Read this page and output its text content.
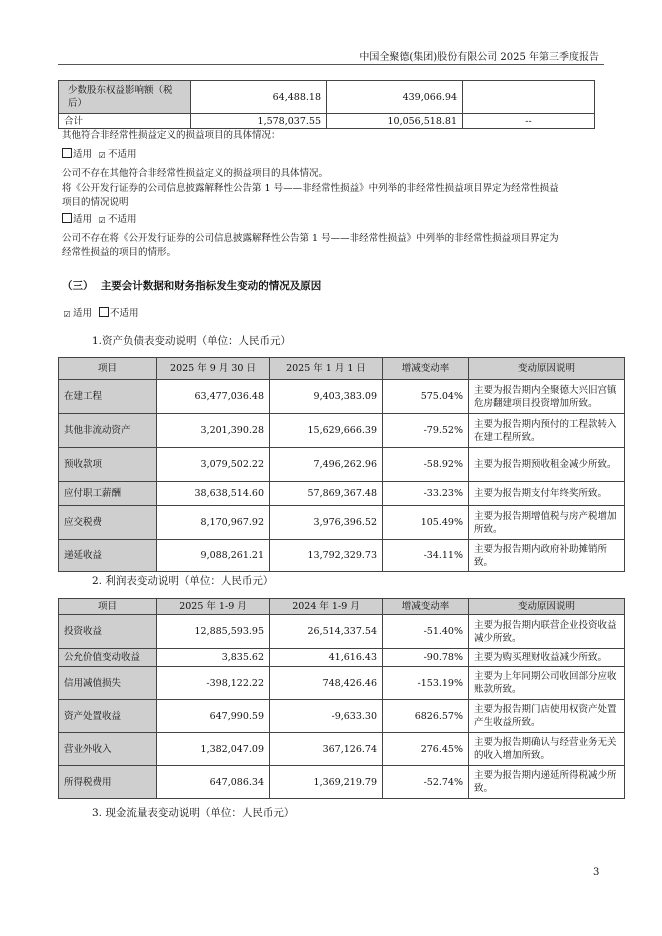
中国全聚德(集团)股份有限公司 2025 年第三季度报告
少数股东权益影响额（税后）	64,488.18	439,066.94	
合计	1,578,037.55	10,056,518.81	--
其他符合非经常性损益定义的损益项目的具体情况：
适用 ☑ 不适用
公司不存在其他符合非经常性损益定义的损益项目的具体情况。
将《公开发行证券的公司信息披露解释性公告第 1 号——非经常性损益》中列举的非经常性损益项目界定为经常性损益
项目的情况说明
适用 ☑ 不适用
公司不存在将《公开发行证券的公司信息披露解释性公告第 1 号——非经常性损益》中列举的非经常性损益项目界定为
经常性损益的项目的情形。
（三） 主要会计数据和财务指标发生变动的情况及原因
☑ 适用 不适用
1.资产负债表变动说明（单位：人民币元）
项目	2025 年 9 月 30 日	2025 年 1 月 1 日	增减变动率	变动原因说明
在建工程	63,477,036.48	9,403,383.09	575.04%	主要为报告期内全聚德大兴旧宫镇危房翻建项目投资增加所致。
其他非流动资产	3,201,390.28	15,629,666.39	-79.52%	主要为报告期内预付的工程款转入在建工程所致。
预收款项	3,079,502.22	7,496,262.96	-58.92%	主要为报告期预收租金减少所致。
应付职工薪酬	38,638,514.60	57,869,367.48	-33.23%	主要为报告期支付年终奖所致。
应交税费	8,170,967.92	3,976,396.52	105.49%	主要为报告期增值税与房产税增加所致。
递延收益	9,088,261.21	13,792,329.73	-34.11%	主要为报告期内政府补助摊销所致。
2. 利润表变动说明（单位：人民币元）
项目	2025 年 1-9 月	2024 年 1-9 月	增减变动率	变动原因说明
投资收益	12,885,593.95	26,514,337.54	-51.40%	主要为报告期内联营企业投资收益减少所致。
公允价值变动收益	3,835.62	41,616.43	-90.78%	主要为购买理财收益减少所致。
信用减值损失	-398,122.22	748,426.46	-153.19%	主要为上年同期公司收回部分应收账款所致。
资产处置收益	647,990.59	-9,633.30	6826.57%	主要为报告期门店使用权资产处置产生收益所致。
营业外收入	1,382,047.09	367,126.74	276.45%	主要为报告期确认与经营业务无关的收入增加所致。
所得税费用	647,086.34	1,369,219.79	-52.74%	主要为报告期内递延所得税减少所致。
3. 现金流量表变动说明（单位：人民币元）
3
